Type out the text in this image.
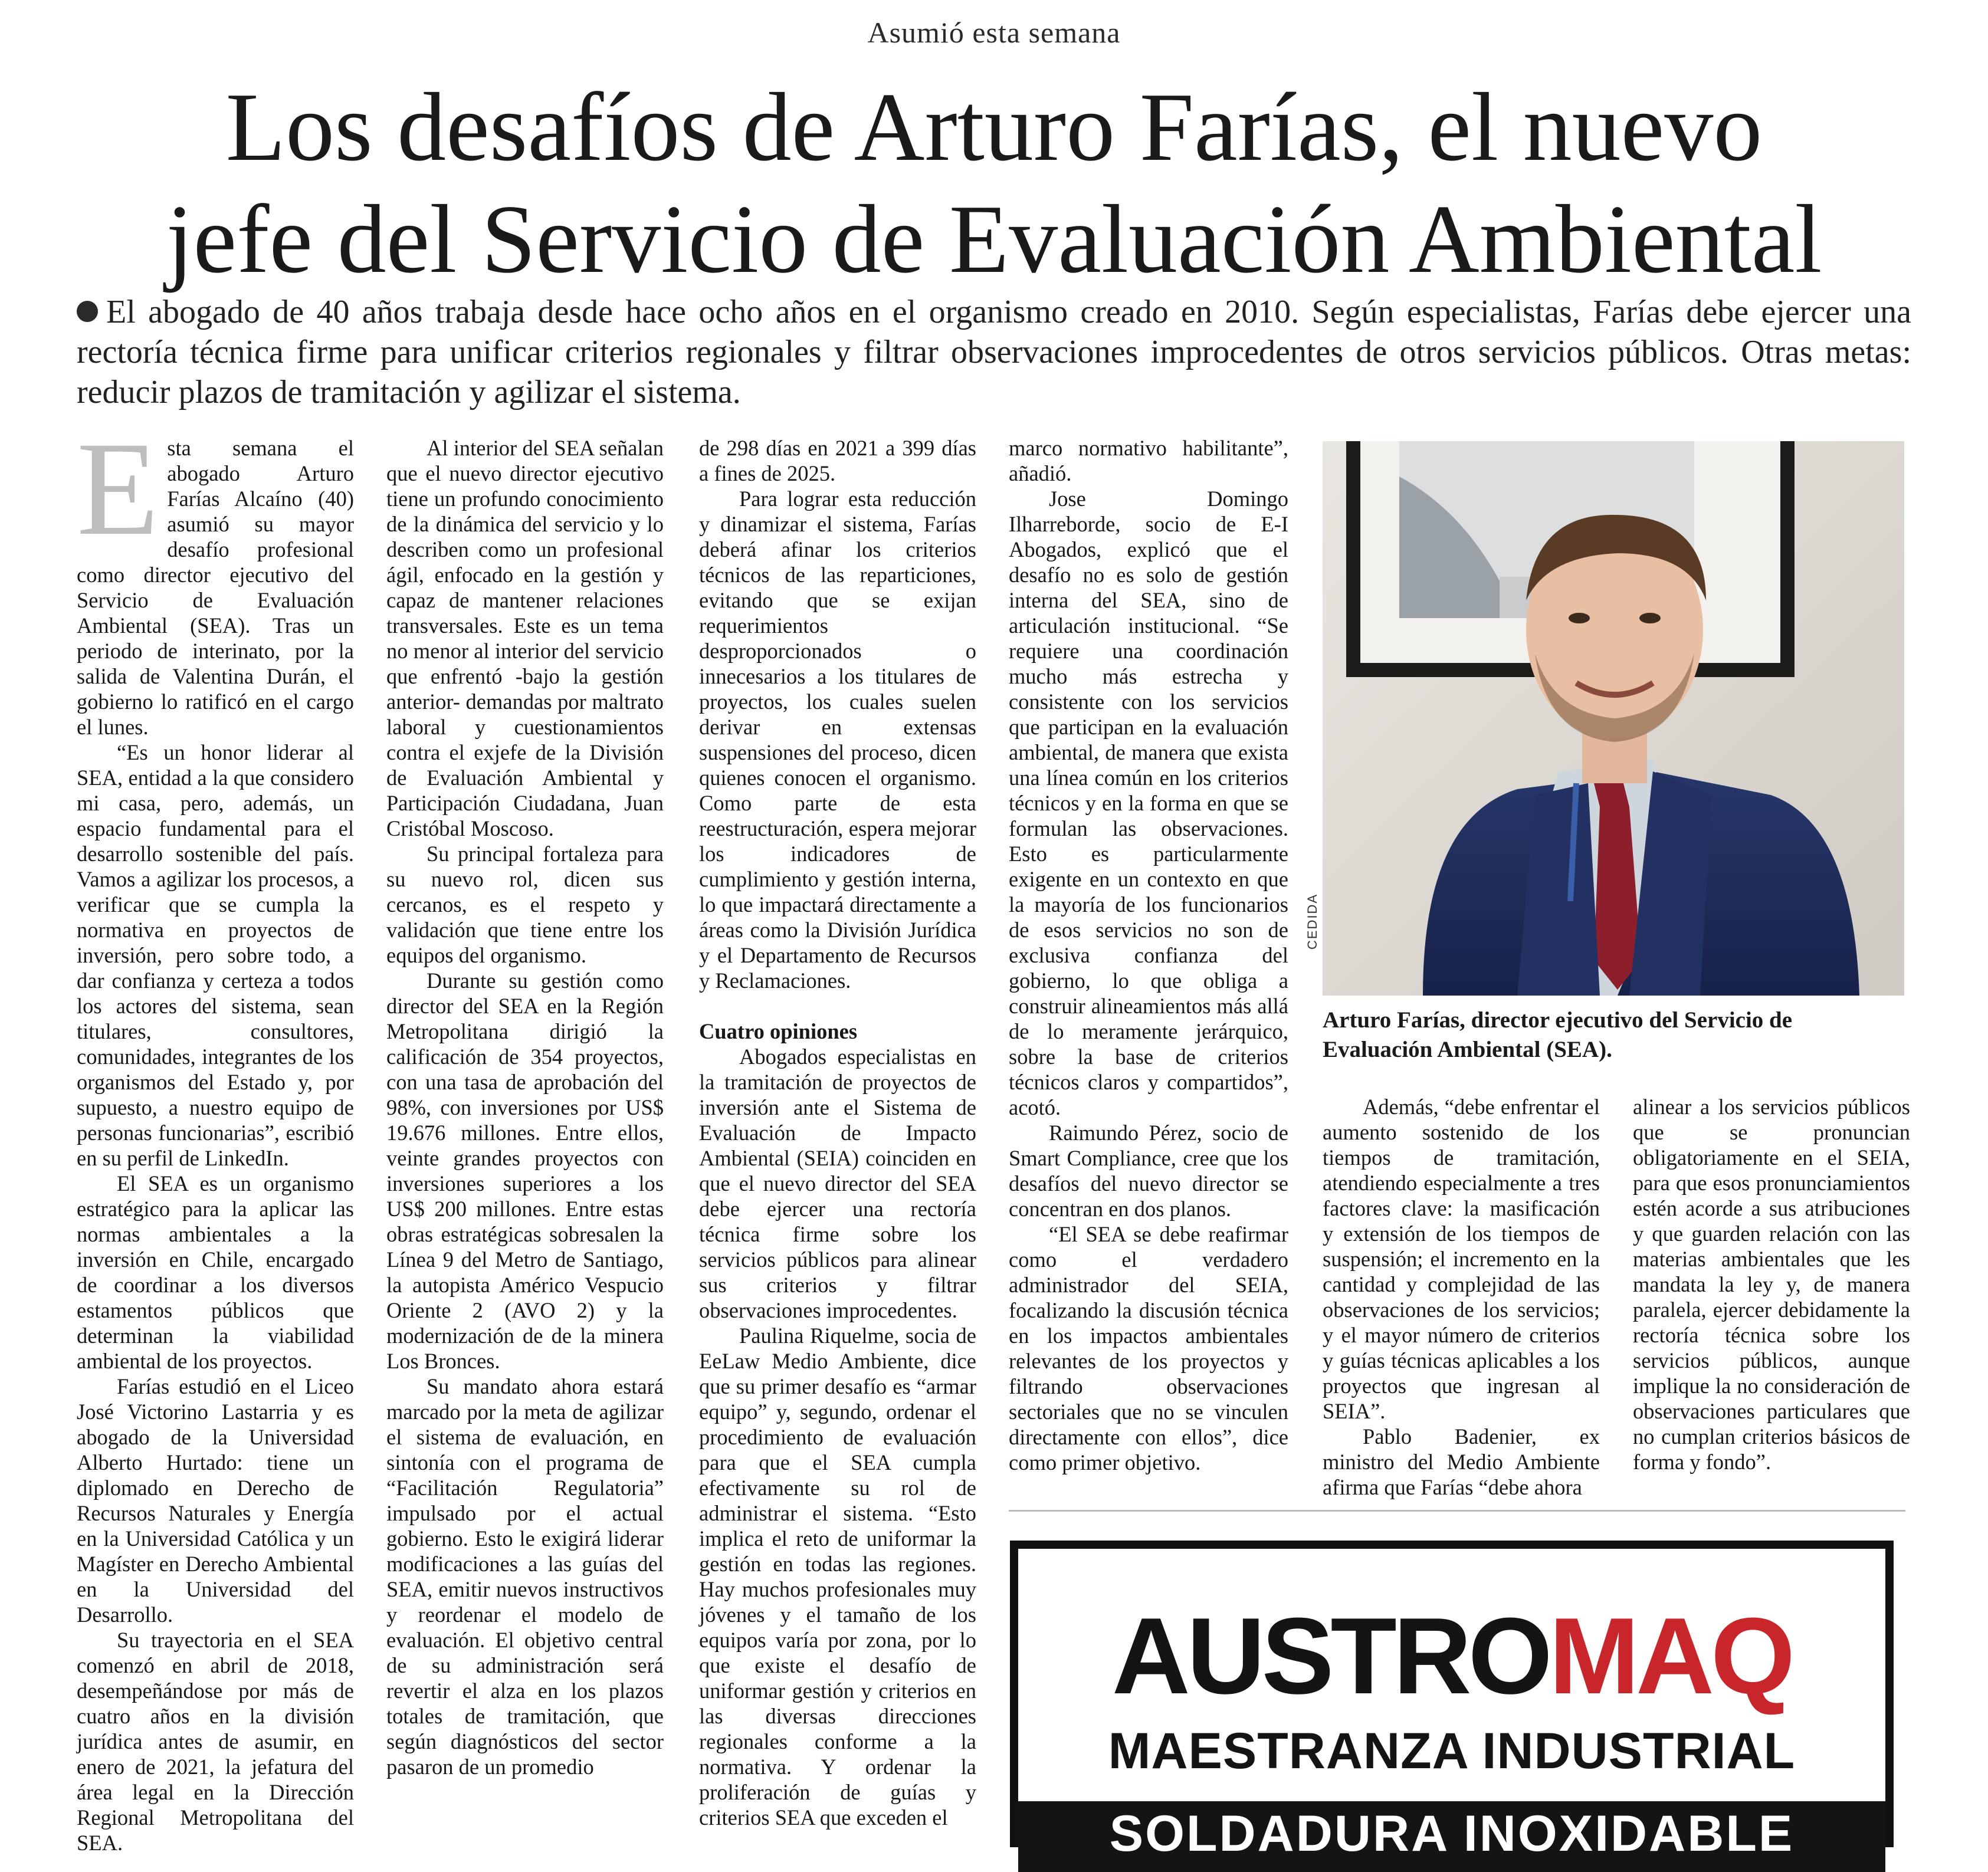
Asumió esta semana
Los desafíos de Arturo Farías, el nuevo
jefe del Servicio de Evaluación Ambiental

El abogado de 40 años trabaja desde hace ocho años en el organismo creado en 2010. Según especialistas, Farías debe ejercer una rectoría técnica firme para unificar criterios regionales y filtrar observaciones improcedentes de otros servicios públicos. Otras metas: reducir plazos de tramitación y agilizar el sistema.

Esta semana el abogado Arturo Farías Alcaíno (40) asumió su mayor desafío profesional como director ejecutivo del Servicio de Evaluación Ambiental (SEA). Tras un periodo de interinato, por la salida de Valentina Durán, el gobierno lo ratificó en el cargo el lunes.

“Es un honor liderar al SEA, entidad a la que considero mi casa, pero, además, un espacio fundamental para el desarrollo sostenible del país. Vamos a agilizar los procesos, a verificar que se cumpla la normativa en proyectos de inversión, pero sobre todo, a dar confianza y certeza a todos los actores del sistema, sean titulares, consultores, comunidades, integrantes de los organismos del Estado y, por supuesto, a nuestro equipo de personas funcionarias”, escribió en su perfil de LinkedIn.

El SEA es un organismo estratégico para la aplicar las normas ambientales a la inversión en Chile, encargado de coordinar a los diversos estamentos públicos que determinan la viabilidad ambiental de los proyectos.

Farías estudió en el Liceo José Victorino Lastarria y es abogado de la Universidad Alberto Hurtado: tiene un diplomado en Derecho de Recursos Naturales y Energía en la Universidad Católica y un Magíster en Derecho Ambiental en la Universidad del Desarrollo.

Su trayectoria en el SEA comenzó en abril de 2018, desempeñándose por más de cuatro años en la división jurídica antes de asumir, en enero de 2021, la jefatura del área legal en la Dirección Regional Metropolitana del SEA.

Al interior del SEA señalan que el nuevo director ejecutivo tiene un profundo conocimiento de la dinámica del servicio y lo describen como un profesional ágil, enfocado en la gestión y capaz de mantener relaciones transversales. Este es un tema no menor al interior del servicio que enfrentó -bajo la gestión anterior- demandas por maltrato laboral y cuestionamientos contra el exjefe de la División de Evaluación Ambiental y Participación Ciudadana, Juan Cristóbal Moscoso.

Su principal fortaleza para su nuevo rol, dicen sus cercanos, es el respeto y validación que tiene entre los equipos del organismo.

Durante su gestión como director del SEA en la Región Metropolitana dirigió la calificación de 354 proyectos, con una tasa de aprobación del 98%, con inversiones por US$ 19.676 millones. Entre ellos, veinte grandes proyectos con inversiones superiores a los US$ 200 millones. Entre estas obras estratégicas sobresalen la Línea 9 del Metro de Santiago, la autopista Américo Vespucio Oriente 2 (AVO 2) y la modernización de de la minera Los Bronces.

Su mandato ahora estará marcado por la meta de agilizar el sistema de evaluación, en sintonía con el programa de “Facilitación Regulatoria” impulsado por el actual gobierno. Esto le exigirá liderar modificaciones a las guías del SEA, emitir nuevos instructivos y reordenar el modelo de evaluación. El objetivo central de su administración será revertir el alza en los plazos totales de tramitación, que según diagnósticos del sector pasaron de un promedio

de 298 días en 2021 a 399 días a fines de 2025.

Para lograr esta reducción y dinamizar el sistema, Farías deberá afinar los criterios técnicos de las reparticiones, evitando que se exijan requerimientos desproporcionados o innecesarios a los titulares de proyectos, los cuales suelen derivar en extensas suspensiones del proceso, dicen quienes conocen el organismo. Como parte de esta reestructuración, espera mejorar los indicadores de cumplimiento y gestión interna, lo que impactará directamente a áreas como la División Jurídica y el Departamento de Recursos y Reclamaciones.

Cuatro opiniones

Abogados especialistas en la tramitación de proyectos de inversión ante el Sistema de Evaluación de Impacto Ambiental (SEIA) coinciden en que el nuevo director del SEA debe ejercer una rectoría técnica firme sobre los servicios públicos para alinear sus criterios y filtrar observaciones improcedentes.

Paulina Riquelme, socia de EeLaw Medio Ambiente, dice que su primer desafío es “armar equipo” y, segundo, ordenar el procedimiento de evaluación para que el SEA cumpla efectivamente su rol de administrar el sistema. “Esto implica el reto de uniformar la gestión en todas las regiones. Hay muchos profesionales muy jóvenes y el tamaño de los equipos varía por zona, por lo que existe el desafío de uniformar gestión y criterios en las diversas direcciones regionales conforme a la normativa. Y ordenar la proliferación de guías y criterios SEA que exceden el

marco normativo habilitante”, añadió.

Jose Domingo Ilharreborde, socio de E-I Abogados, explicó que el desafío no es solo de gestión interna del SEA, sino de articulación institucional. “Se requiere una coordinación mucho más estrecha y consistente con los servicios que participan en la evaluación ambiental, de manera que exista una línea común en los criterios técnicos y en la forma en que se formulan las observaciones. Esto es particularmente exigente en un contexto en que la mayoría de los funcionarios de esos servicios no son de exclusiva confianza del gobierno, lo que obliga a construir alineamientos más allá de lo meramente jerárquico, sobre la base de criterios técnicos claros y compartidos”, acotó.

Raimundo Pérez, socio de Smart Compliance, cree que los desafíos del nuevo director se concentran en dos planos.

“El SEA se debe reafirmar como el verdadero administrador del SEIA, focalizando la discusión técnica en los impactos ambientales relevantes de los proyectos y filtrando observaciones sectoriales que no se vinculen directamente con ellos”, dice como primer objetivo.

CEDIDA

Arturo Farías, director ejecutivo del Servicio de Evaluación Ambiental (SEA).

Además, “debe enfrentar el aumento sostenido de los tiempos de tramitación, atendiendo especialmente a tres factores clave: la masificación y extensión de los tiempos de suspensión; el incremento en la cantidad y complejidad de las observaciones de los servicios; y el mayor número de criterios y guías técnicas aplicables a los proyectos que ingresan al SEIA”.

Pablo Badenier, ex ministro del Medio Ambiente afirma que Farías “debe ahora

alinear a los servicios públicos que se pronuncian obligatoriamente en el SEIA, para que esos pronunciamientos estén acorde a sus atribuciones y que guarden relación con las materias ambientales que les mandata la ley y, de manera paralela, ejercer debidamente la rectoría técnica sobre los servicios públicos, aunque implique la no consideración de observaciones particulares que no cumplan criterios básicos de forma y fondo”.

AUSTROMAQ
MAESTRANZA INDUSTRIAL
SOLDADURA INOXIDABLE
